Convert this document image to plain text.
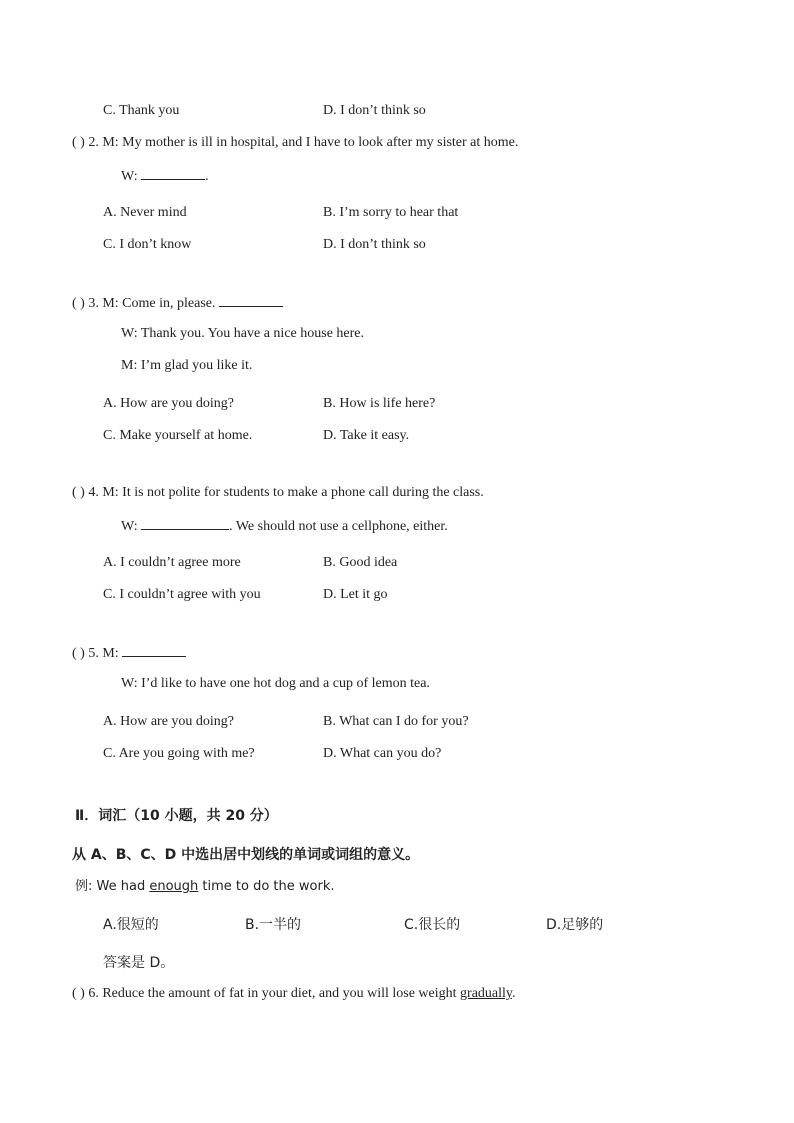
C. Thank you	D. I don’t think so
( ) 2. M: My mother is ill in hospital, and I have to look after my sister at home.
W:	.
A. Never mind	B. I’m sorry to hear that
C. I don’t know	D. I don’t think so
( ) 3. M: Come in, please.
W: Thank you. You have a nice house here.
M: I’m glad you like it.
A. How are you doing?	B. How is life here?
C. Make yourself at home.	D. Take it easy.
( ) 4. M: It is not polite for students to make a phone call during the class.
W:	. We should not use a cellphone, either.
A. I couldn’t agree more	B. Good idea
C. I couldn’t agree with you	D. Let it go
( ) 5. M:
W: I’d like to have one hot dog and a cup of lemon tea.
A. How are you doing?	B. What can I do for you?
C. Are you going with me?	D. What can you do?
Ⅱ．词汇（10 小题，共 20 分）
从 A、B、C、D 中选出居中划线的单词或词组的意义。
例: We had enough time to do the work.
A.很短的	B.一半的	C.很长的	D.足够的
答案是 D。
( ) 6. Reduce the amount of fat in your diet, and you will lose weight gradually.
